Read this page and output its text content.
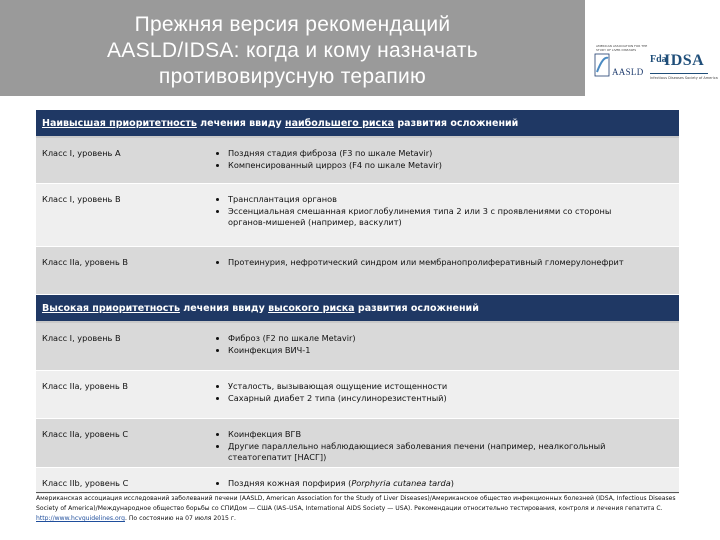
Прежняя версия рекомендаций
AASLD/IDSA: когда и кому назначать
противовирусную терапию
AMERICAN ASSOCIATION FOR THE STUDY OF LIVER DISEASES
AASLD
Fda
IDSA
Infectious Diseases Society of America
Наивысшая приоритетность лечения ввиду наибольшего риска развития осложнений
Класс I, уровень A	Поздняя стадия фиброза (F3 по шкале Metavir)
Компенсированный цирроз (F4 по шкале Metavir)
Класс I, уровень B	Трансплантация органов
Эссенциальная смешанная криоглобулинемия типа 2 или 3 с проявлениями со стороны органов-мишеней (например, васкулит)
Класс IIa, уровень B	Протеинурия, нефротический синдром или мембранопролиферативный гломерулонефрит
Высокая приоритетность лечения ввиду высокого риска развития осложнений
Класс I, уровень B	Фиброз (F2 по шкале Metavir)
Коинфекция ВИЧ-1
Класс IIa, уровень B	Усталость, вызывающая ощущение истощенности
Сахарный диабет 2 типа (инсулинорезистентный)
Класс IIa, уровень C	Коинфекция ВГВ
Другие параллельно наблюдающиеся заболевания печени (например, неалкогольный стеатогепатит [НАСГ])
Класс IIb, уровень C	Поздняя кожная порфирия (Porphyria cutanea tarda)
Американская ассоциация исследований заболеваний печени (AASLD, American Association for the Study of Liver Diseases)/Американское общество инфекционных болезней (IDSA, Infectious Diseases Society of America)/Международное общество борьбы со СПИДом — США (IAS–USA, International AIDS Society — USA). Рекомендации относительно тестирования, контроля и лечения гепатита C. http://www.hcvguidelines.org. По состоянию на 07 июля 2015 г.
